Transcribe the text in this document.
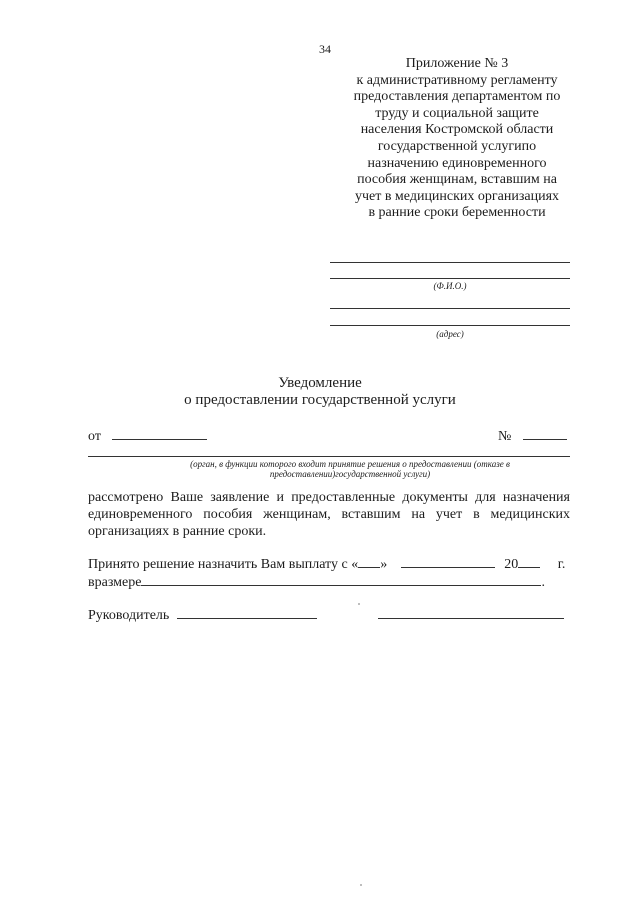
34
Приложение № 3
к административному регламенту
предоставления департаментом по
труду и социальной защите
населения Костромской области
государственной услугипо
назначению единовременного
пособия женщинам, вставшим на
учет в медицинских организациях
в ранние сроки беременности
(Ф.И.О.)
(адрес)
Уведомление
о предоставлении государственной услуги
от	№
(орган, в функции которого входит принятие решения о предоставлении (отказе в предоставлении)государственной услуги)
рассмотрено Ваше заявление и предоставленные документы для назначения единовременного пособия женщинам, вставшим на учет в медицинских организациях в ранние сроки.
Принято решение назначить Вам выплату с « »	20	г.
вразмере	.
Руководитель
